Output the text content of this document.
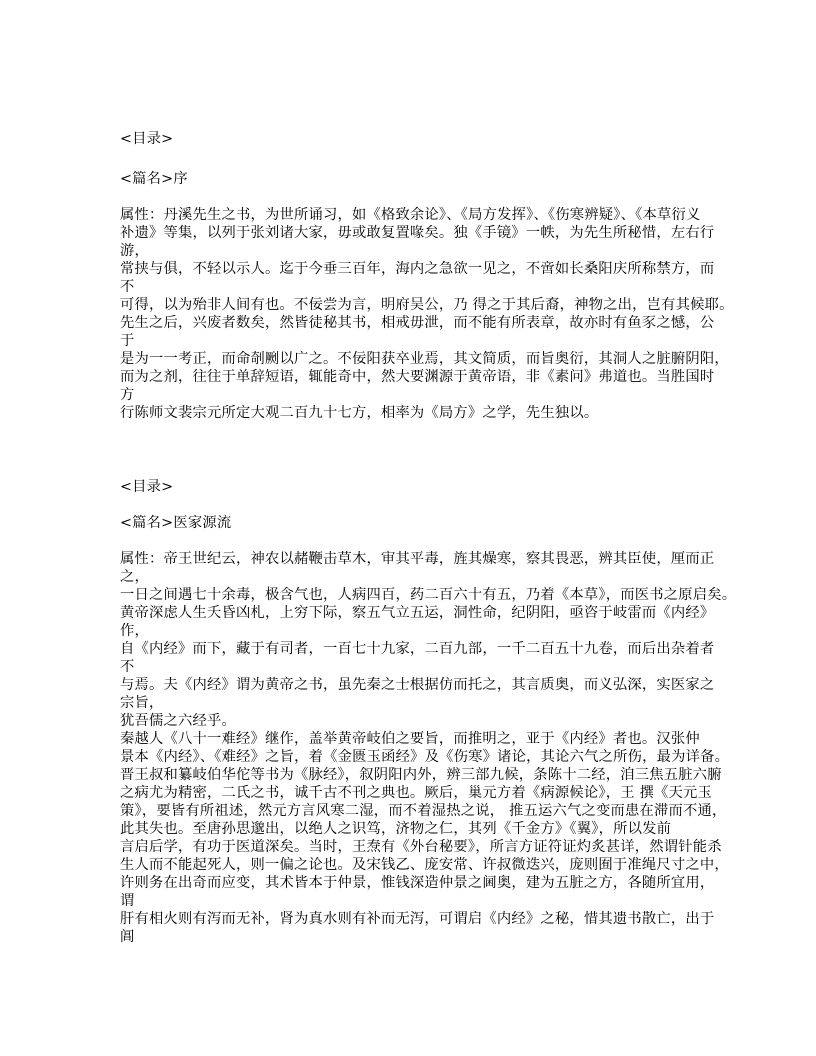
<目录>
<篇名>序
属性：丹溪先生之书，为世所诵习，如《格致余论》、《局方发挥》、《伤寒辨疑》、《本草衍义
补遗》等集，以列于张刘诸大家，毋或敢复置喙矣。独《手镜》一帙，为先生所秘惜，左右行
游，
常挟与俱，不轻以示人。迄于今垂三百年，海内之急欲一见之，不啻如长桑阳庆所称禁方，而
不
可得，以为殆非人间有也。不佞尝为言，明府吴公，乃 得之于其后裔，神物之出，岂有其候耶。
先生之后，兴废者数矣，然皆徒秘其书，相戒毋泄，而不能有所表章，故亦时有鱼豕之憾，公
于
是为一一考正，而命剞劂以广之。不佞阳获卒业焉，其文简质，而旨奥衍，其洞人之脏腑阴阳，
而为之剂，往往于单辞短语，辄能奇中，然大要渊源于黄帝语，非《素问》弗道也。当胜国时
方
行陈师文裴宗元所定大观二百九十七方，相率为《局方》之学，先生独以。
<目录>
<篇名>医家源流
属性：帝王世纪云，神农以赭鞭击草木，审其平毒，旌其燥寒，察其畏恶，辨其臣使，厘而正
之，
一日之间遇七十余毒，极含气也，人病四百，药二百六十有五，乃着《本草》，而医书之原启矣。
黄帝深虑人生夭昏凶札，上穷下际，察五气立五运，洞性命，纪阴阳，亟咨于岐雷而《内经》
作，
自《内经》而下，藏于有司者，一百七十九家，二百九部，一千二百五十九卷，而后出杂着者
不
与焉。夫《内经》谓为黄帝之书，虽先秦之士根据仿而托之，其言质奥，而义弘深，实医家之
宗旨，
犹吾儒之六经乎。
秦越人《八十一难经》继作，盖举黄帝岐伯之要旨，而推明之，亚于《内经》者也。汉张仲
景本《内经》、《难经》之旨，着《金匮玉函经》及《伤寒》诸论，其论六气之所伤，最为详备。
晋王叔和纂岐伯华佗等书为《脉经》，叙阴阳内外，辨三部九候，条陈十二经，洎三焦五脏六腑
之病尤为精密，二氏之书，诚千古不刊之典也。厥后，巢元方着《病源候论》，王 撰《天元玉
策》，要皆有所祖述，然元方言风寒二湿，而不着湿热之说， 推五运六气之变而患在滞而不通，
此其失也。至唐孙思邈出，以绝人之识笃，济物之仁，其列《千金方》《翼》，所以发前
言启后学，有功于医道深矣。当时，王焘有《外台秘要》，所言方证符证灼炙甚详，然谓针能杀
生人而不能起死人，则一偏之论也。及宋钱乙、庞安常、许叔微迭兴，庞则囿于准绳尺寸之中，
许则务在出奇而应变，其术皆本于仲景，惟钱深造仲景之阃奥，建为五脏之方，各随所宜用，
谓
肝有相火则有泻而无补，肾为真水则有补而无泻，可谓启《内经》之秘，惜其遗书散亡，出于
阊
